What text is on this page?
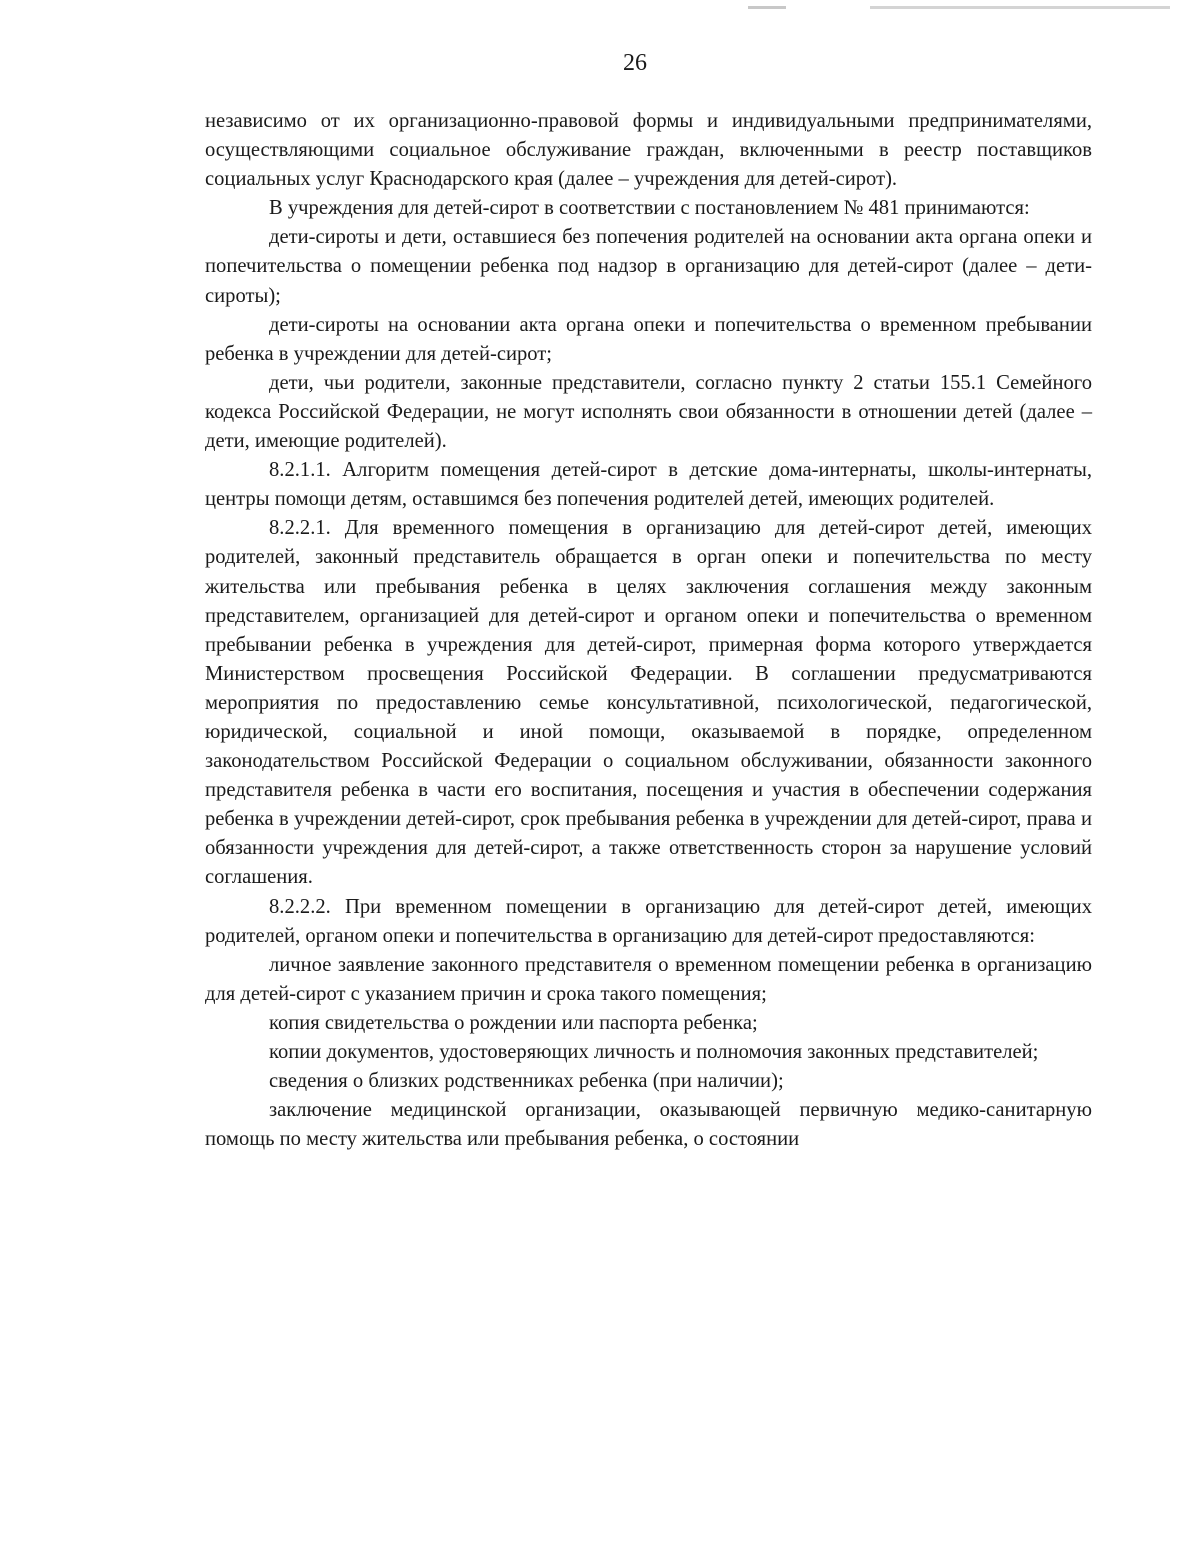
26

независимо от их организационно-правовой формы и индивидуальными предпринимателями, осуществляющими социальное обслуживание граждан, включенными в реестр поставщиков социальных услуг Краснодарского края (далее – учреждения для детей-сирот).

В учреждения для детей-сирот в соответствии с постановлением № 481 принимаются:

дети-сироты и дети, оставшиеся без попечения родителей на основании акта органа опеки и попечительства о помещении ребенка под надзор в организацию для детей-сирот (далее – дети-сироты);

дети-сироты на основании акта органа опеки и попечительства о временном пребывании ребенка в учреждении для детей-сирот;

дети, чьи родители, законные представители, согласно пункту 2 статьи 155.1 Семейного кодекса Российской Федерации, не могут исполнять свои обязанности в отношении детей (далее – дети, имеющие родителей).

8.2.1.1. Алгоритм помещения детей-сирот в детские дома-интернаты, школы-интернаты, центры помощи детям, оставшимся без попечения родителей детей, имеющих родителей.

8.2.2.1. Для временного помещения в организацию для детей-сирот детей, имеющих родителей, законный представитель обращается в орган опеки и попечительства по месту жительства или пребывания ребенка в целях заключения соглашения между законным представителем, организацией для детей-сирот и органом опеки и попечительства о временном пребывании ребенка в учреждения для детей-сирот, примерная форма которого утверждается Министерством просвещения Российской Федерации. В соглашении предусматриваются мероприятия по предоставлению семье консультативной, психологической, педагогической, юридической, социальной и иной помощи, оказываемой в порядке, определенном законодательством Российской Федерации о социальном обслуживании, обязанности законного представителя ребенка в части его воспитания, посещения и участия в обеспечении содержания ребенка в учреждении детей-сирот, срок пребывания ребенка в учреждении для детей-сирот, права и обязанности учреждения для детей-сирот, а также ответственность сторон за нарушение условий соглашения.

8.2.2.2. При временном помещении в организацию для детей-сирот детей, имеющих родителей, органом опеки и попечительства в организацию для детей-сирот предоставляются:

личное заявление законного представителя о временном помещении ребенка в организацию для детей-сирот с указанием причин и срока такого помещения;

копия свидетельства о рождении или паспорта ребенка;

копии документов, удостоверяющих личность и полномочия законных представителей;

сведения о близких родственниках ребенка (при наличии);

заключение медицинской организации, оказывающей первичную медико-санитарную помощь по месту жительства или пребывания ребенка, о состоянии
